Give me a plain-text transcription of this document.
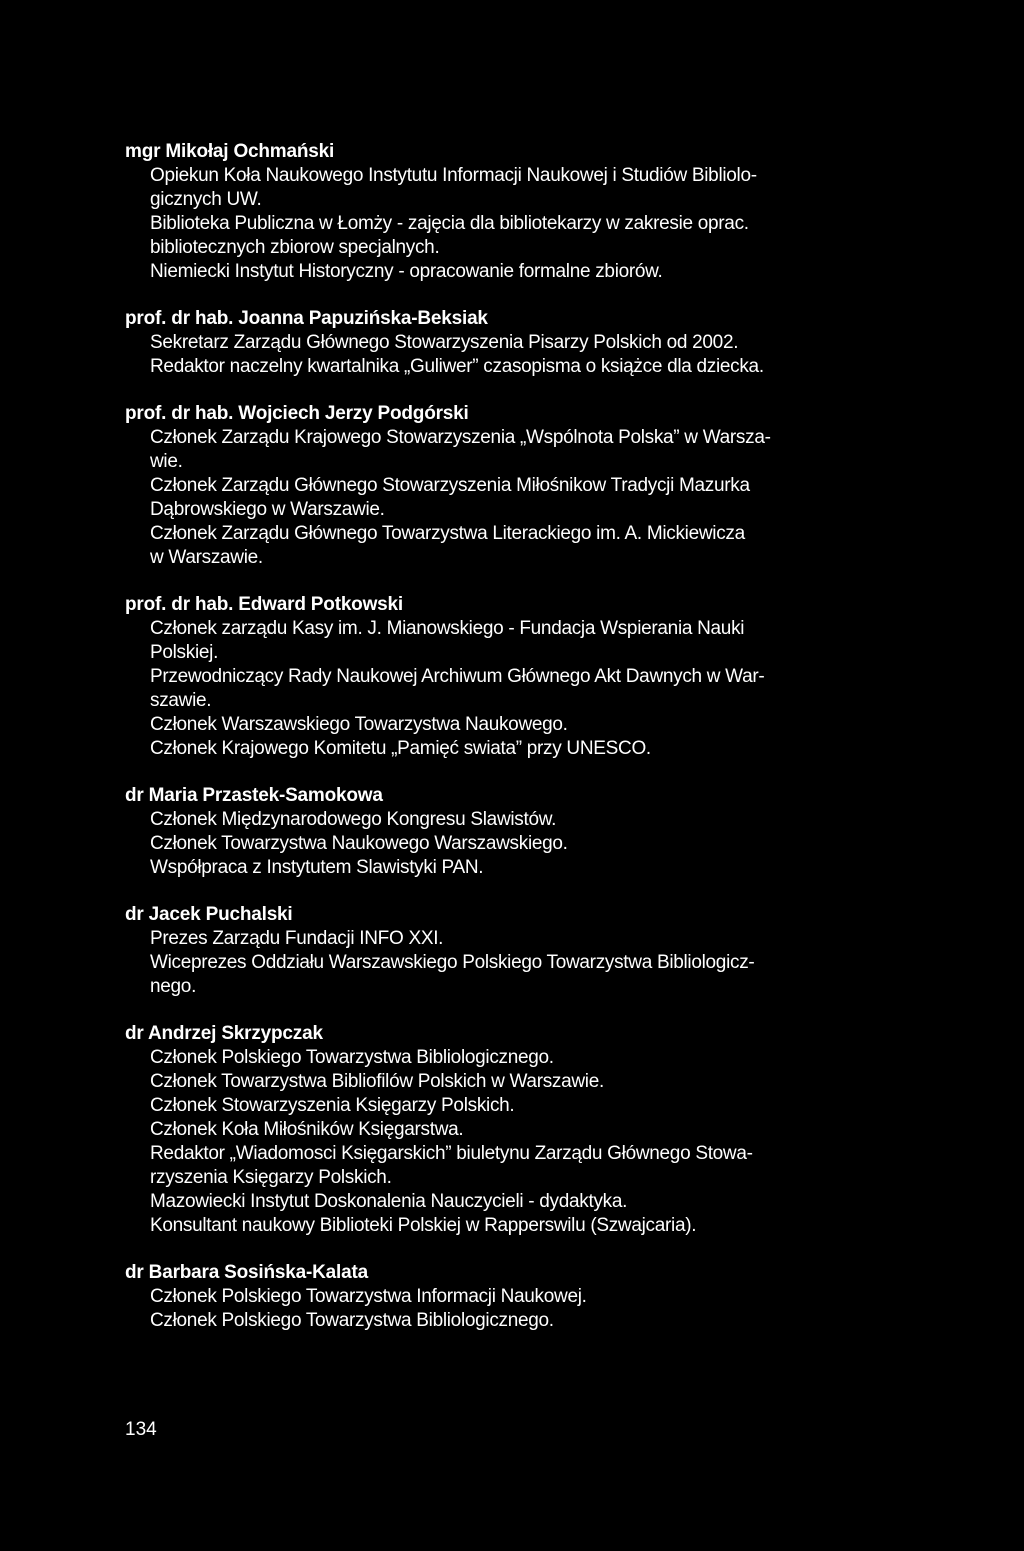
mgr Mikołaj Ochmański
Opiekun Koła Naukowego Instytutu Informacji Naukowej i Studiów Bibliolo-
gicznych UW.
Biblioteka Publiczna w Łomży - zajęcia dla bibliotekarzy w zakresie oprac.
bibliotecznych zbiorow specjalnych.
Niemiecki Instytut Historyczny - opracowanie formalne zbiorów.
prof. dr hab. Joanna Papuzińska-Beksiak
Sekretarz Zarządu Głównego Stowarzyszenia Pisarzy Polskich od 2002.
Redaktor naczelny kwartalnika „Guliwer” czasopisma o książce dla dziecka.
prof. dr hab. Wojciech Jerzy Podgórski
Członek Zarządu Krajowego Stowarzyszenia „Wspólnota Polska” w Warsza-
wie.
Członek Zarządu Głównego Stowarzyszenia Miłośnikow Tradycji Mazurka
Dąbrowskiego w Warszawie.
Członek Zarządu Głównego Towarzystwa Literackiego im. A. Mickiewicza
w Warszawie.
prof. dr hab. Edward Potkowski
Członek zarządu Kasy im. J. Mianowskiego - Fundacja Wspierania Nauki
Polskiej.
Przewodniczący Rady Naukowej Archiwum Głównego Akt Dawnych w War-
szawie.
Członek Warszawskiego Towarzystwa Naukowego.
Członek Krajowego Komitetu „Pamięć swiata” przy UNESCO.
dr Maria Przastek-Samokowa
Członek Międzynarodowego Kongresu Slawistów.
Członek Towarzystwa Naukowego Warszawskiego.
Współpraca z Instytutem Slawistyki PAN.
dr Jacek Puchalski
Prezes Zarządu Fundacji INFO XXI.
Wiceprezes Oddziału Warszawskiego Polskiego Towarzystwa Bibliologicz-
nego.
dr Andrzej Skrzypczak
Członek Polskiego Towarzystwa Bibliologicznego.
Członek Towarzystwa Bibliofilów Polskich w Warszawie.
Członek Stowarzyszenia Księgarzy Polskich.
Członek Koła Miłośników Księgarstwa.
Redaktor „Wiadomosci Księgarskich” biuletynu Zarządu Głównego Stowa-
rzyszenia Księgarzy Polskich.
Mazowiecki Instytut Doskonalenia Nauczycieli - dydaktyka.
Konsultant naukowy Biblioteki Polskiej w Rapperswilu (Szwajcaria).
dr Barbara Sosińska-Kalata
Członek Polskiego Towarzystwa Informacji Naukowej.
Członek Polskiego Towarzystwa Bibliologicznego.
134
